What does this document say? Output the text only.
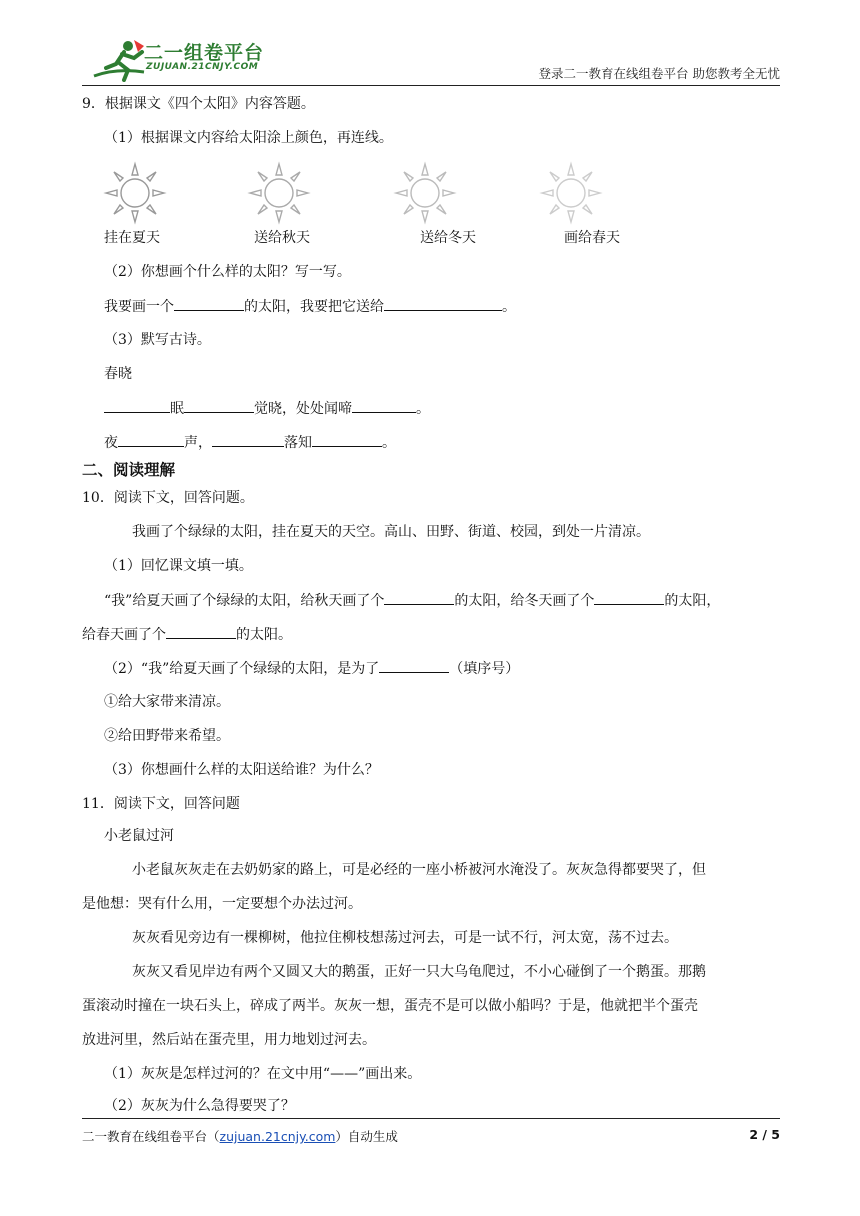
二一组卷平台
ZUJUAN.21CNJY.COM	登录二一教育在线组卷平台 助您教考全无忧
9．根据课文《四个太阳》内容答题。
（1）根据课文内容给太阳涂上颜色，再连线。
挂在夏天	送给秋天	送给冬天	画给春天
（2）你想画个什么样的太阳？写一写。
我要画一个	的太阳，我要把它送给	。
（3）默写古诗。
春晓
眠	觉晓，处处闻啼	。
夜	声，	落知	。
二、阅读理解
10．阅读下文，回答问题。
我画了个绿绿的太阳，挂在夏天的天空。高山、田野、街道、校园，到处一片清凉。
（1）回忆课文填一填。
“我”给夏天画了个绿绿的太阳，给秋天画了个	的太阳，给冬天画了个	的太阳，
给春天画了个	的太阳。
（2）“我”给夏天画了个绿绿的太阳，是为了	（填序号）
①给大家带来清凉。
②给田野带来希望。
（3）你想画什么样的太阳送给谁？为什么？
11．阅读下文，回答问题
小老鼠过河
小老鼠灰灰走在去奶奶家的路上，可是必经的一座小桥被河水淹没了。灰灰急得都要哭了，但
是他想：哭有什么用，一定要想个办法过河。
灰灰看见旁边有一棵柳树，他拉住柳枝想荡过河去，可是一试不行，河太宽，荡不过去。
灰灰又看见岸边有两个又圆又大的鹅蛋，正好一只大乌龟爬过，不小心碰倒了一个鹅蛋。那鹅
蛋滚动时撞在一块石头上，碎成了两半。灰灰一想，蛋壳不是可以做小船吗？于是，他就把半个蛋壳
放进河里，然后站在蛋壳里，用力地划过河去。
（1）灰灰是怎样过河的？在文中用“——”画出来。
（2）灰灰为什么急得要哭了？
二一教育在线组卷平台（zujuan.21cnjy.com）自动生成	2 / 5
